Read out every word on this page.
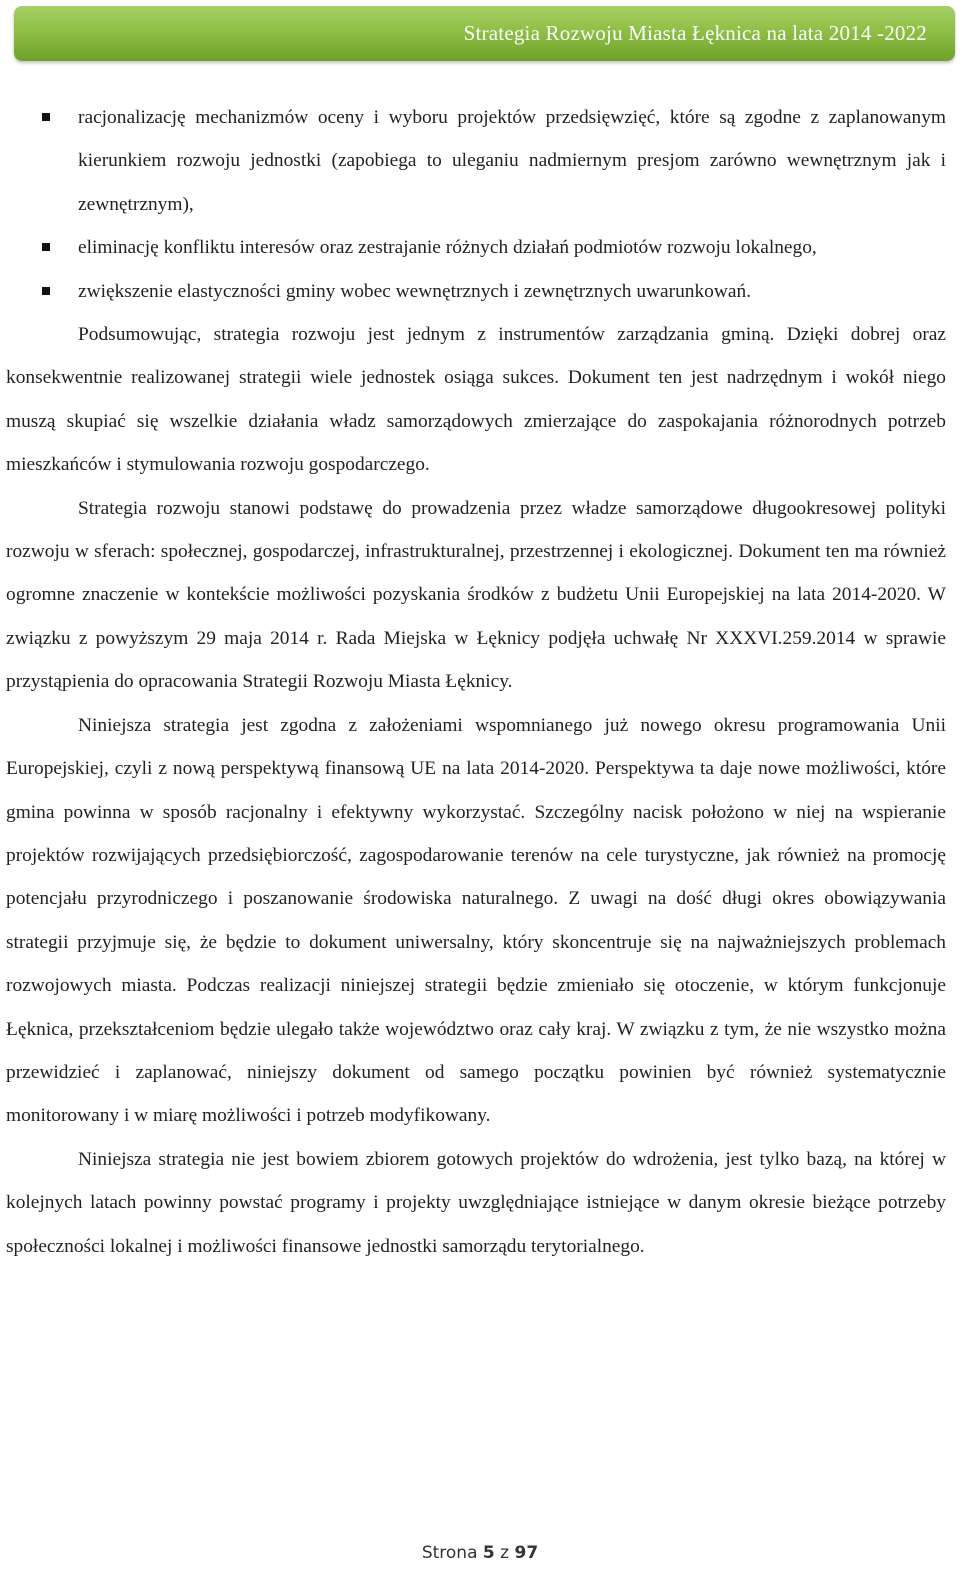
Strategia Rozwoju Miasta Łęknica na lata 2014 -2022
racjonalizację mechanizmów oceny i wyboru projektów przedsięwzięć, które są zgodne z zaplanowanym kierunkiem rozwoju jednostki (zapobiega to uleganiu nadmiernym presjom zarówno wewnętrznym jak i zewnętrznym),
eliminację konfliktu interesów oraz zestrajanie różnych działań podmiotów rozwoju lokalnego,
zwiększenie elastyczności gminy wobec wewnętrznych i zewnętrznych uwarunkowań.

Podsumowując, strategia rozwoju jest jednym z instrumentów zarządzania gminą. Dzięki dobrej oraz konsekwentnie realizowanej strategii wiele jednostek osiąga sukces. Dokument ten jest nadrzędnym i wokół niego muszą skupiać się wszelkie działania władz samorządowych zmierzające do zaspokajania różnorodnych potrzeb mieszkańców i stymulowania rozwoju gospodarczego.

Strategia rozwoju stanowi podstawę do prowadzenia przez władze samorządowe długookresowej polityki rozwoju w sferach: społecznej, gospodarczej, infrastrukturalnej, przestrzennej i ekologicznej. Dokument ten ma również ogromne znaczenie w kontekście możliwości pozyskania środków z budżetu Unii Europejskiej na lata 2014-2020. W związku z powyższym 29 maja 2014 r. Rada Miejska w Łęknicy podjęła uchwałę Nr XXXVI.259.2014 w sprawie przystąpienia do opracowania Strategii Rozwoju Miasta Łęknicy.

Niniejsza strategia jest zgodna z założeniami wspomnianego już nowego okresu programowania Unii Europejskiej, czyli z nową perspektywą finansową UE na lata 2014-2020. Perspektywa ta daje nowe możliwości, które gmina powinna w sposób racjonalny i efektywny wykorzystać. Szczególny nacisk położono w niej na wspieranie projektów rozwijających przedsiębiorczość, zagospodarowanie terenów na cele turystyczne, jak również na promocję potencjału przyrodniczego i poszanowanie środowiska naturalnego. Z uwagi na dość długi okres obowiązywania strategii przyjmuje się, że będzie to dokument uniwersalny, który skoncentruje się na najważniejszych problemach rozwojowych miasta. Podczas realizacji niniejszej strategii będzie zmieniało się otoczenie, w którym funkcjonuje Łęknica, przekształceniom będzie ulegało także województwo oraz cały kraj. W związku z tym, że nie wszystko można przewidzieć i zaplanować, niniejszy dokument od samego początku powinien być również systematycznie monitorowany i w miarę możliwości i potrzeb modyfikowany.

Niniejsza strategia nie jest bowiem zbiorem gotowych projektów do wdrożenia, jest tylko bazą, na której w kolejnych latach powinny powstać programy i projekty uwzględniające istniejące w danym okresie bieżące potrzeby społeczności lokalnej i możliwości finansowe jednostki samorządu terytorialnego.

Strona 5 z 97
